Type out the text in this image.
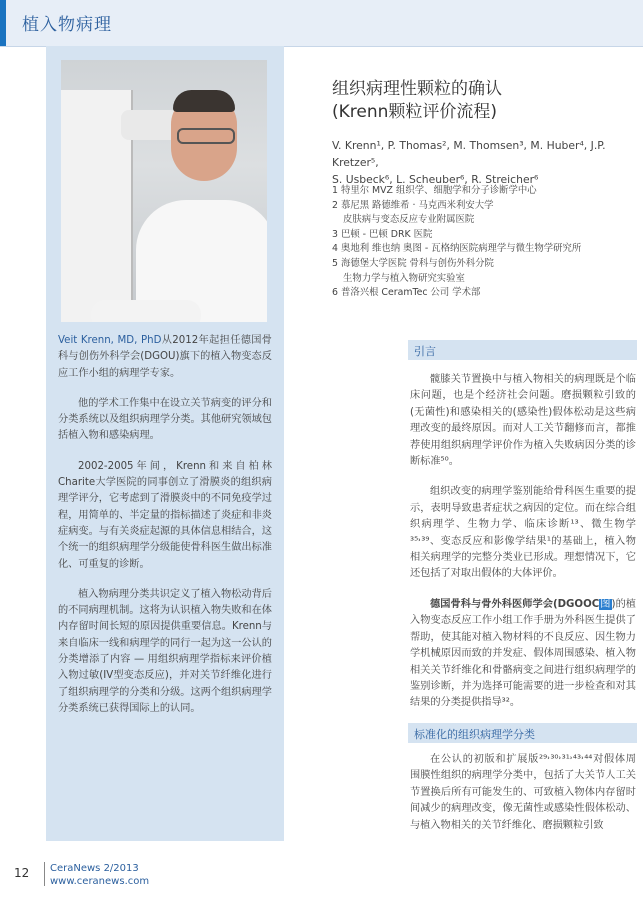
植入物病理

Veit Krenn, MD, PhD从2012年起担任德国骨科与创伤外科学会(DGOU)旗下的植入物变态反应工作小组的病理学专家。

他的学术工作集中在设立关节病变的评分和分类系统以及组织病理学分类。其他研究领域包括植入物和感染病理。

2002-2005年间，Krenn和来自柏林Charite大学医院的同事创立了滑膜炎的组织病理学评分，它考虑到了滑膜炎中的不同免疫学过程，用简单的、半定量的指标描述了炎症和非炎症病变。与有关炎症起源的具体信息相结合，这个统一的组织病理学分级能使骨科医生做出标准化、可重复的诊断。

植入物病理分类共识定义了植入物松动背后的不同病理机制。这将为认识植入物失败和在体内存留时间长短的原因提供重要信息。Krenn与来自临床一线和病理学的同行一起为这一公认的分类增添了内容 — 用组织病理学指标来评价植入物过敏(IV型变态反应)，并对关节纤维化进行了组织病理学的分类和分级。这两个组织病理学分类系统已获得国际上的认同。

组织病理性颗粒的确认
(Krenn颗粒评价流程)
V. Krenn¹, P. Thomas², M. Thomsen³, M. Huber⁴, J.P. Kretzer⁵,
S. Usbeck⁶, L. Scheuber⁶, R. Streicher⁶
1 特里尔 MVZ 组织学、细胞学和分子诊断学中心
2 慕尼黑 路德维希 · 马克西米利安大学
皮肤病与变态反应专业附属医院
3 巴顿 - 巴顿 DRK 医院
4 奥地利 维也纳 奥图 - 瓦格纳医院病理学与微生物学研究所
5 海德堡大学医院 骨科与创伤外科分院
生物力学与植入物研究实验室
6 普洛兴根 CeramTec 公司 学术部
引言

髋膝关节置换中与植入物相关的病理既是个临床问题，也是个经济社会问题。磨损颗粒引致的(无菌性)和感染相关的(感染性)假体松动是这些病理改变的最终原因。而对人工关节翻修而言，都推荐使用组织病理学评价作为植入失败病因分类的诊断标准⁵⁰。

组织改变的病理学鉴别能给骨科医生重要的提示，表明导致患者症状之病因的定位。而在综合组织病理学、生物力学、临床诊断¹³、微生物学³⁵˒³⁹、变态反应和影像学结果¹的基础上，植入物相关病理学的完整分类业已形成。理想情况下，它还包括了对取出假体的大体评价。

德国骨科与骨外科医师学会(DGOOC图)的植入物变态反应工作小组工作手册为外科医生提供了帮助，使其能对植入物材料的不良反应、因生物力学机械原因而致的并发症、假体周围感染、植入物相关关节纤维化和骨骼病变之间进行组织病理学的鉴别诊断，并为选择可能需要的进一步检查和对其结果的分类提供指导³²。

标准化的组织病理学分类

在公认的初版和扩展版²⁹˒³⁰˒³¹˒⁴³˒⁴⁴对假体周围膜性组织的病理学分类中，包括了大关节人工关节置换后所有可能发生的、可致植入物体内存留时间减少的病理改变，像无菌性或感染性假体松动、与植入物相关的关节纤维化、磨损颗粒引致

12 CeraNews 2/2013
www.ceranews.com
